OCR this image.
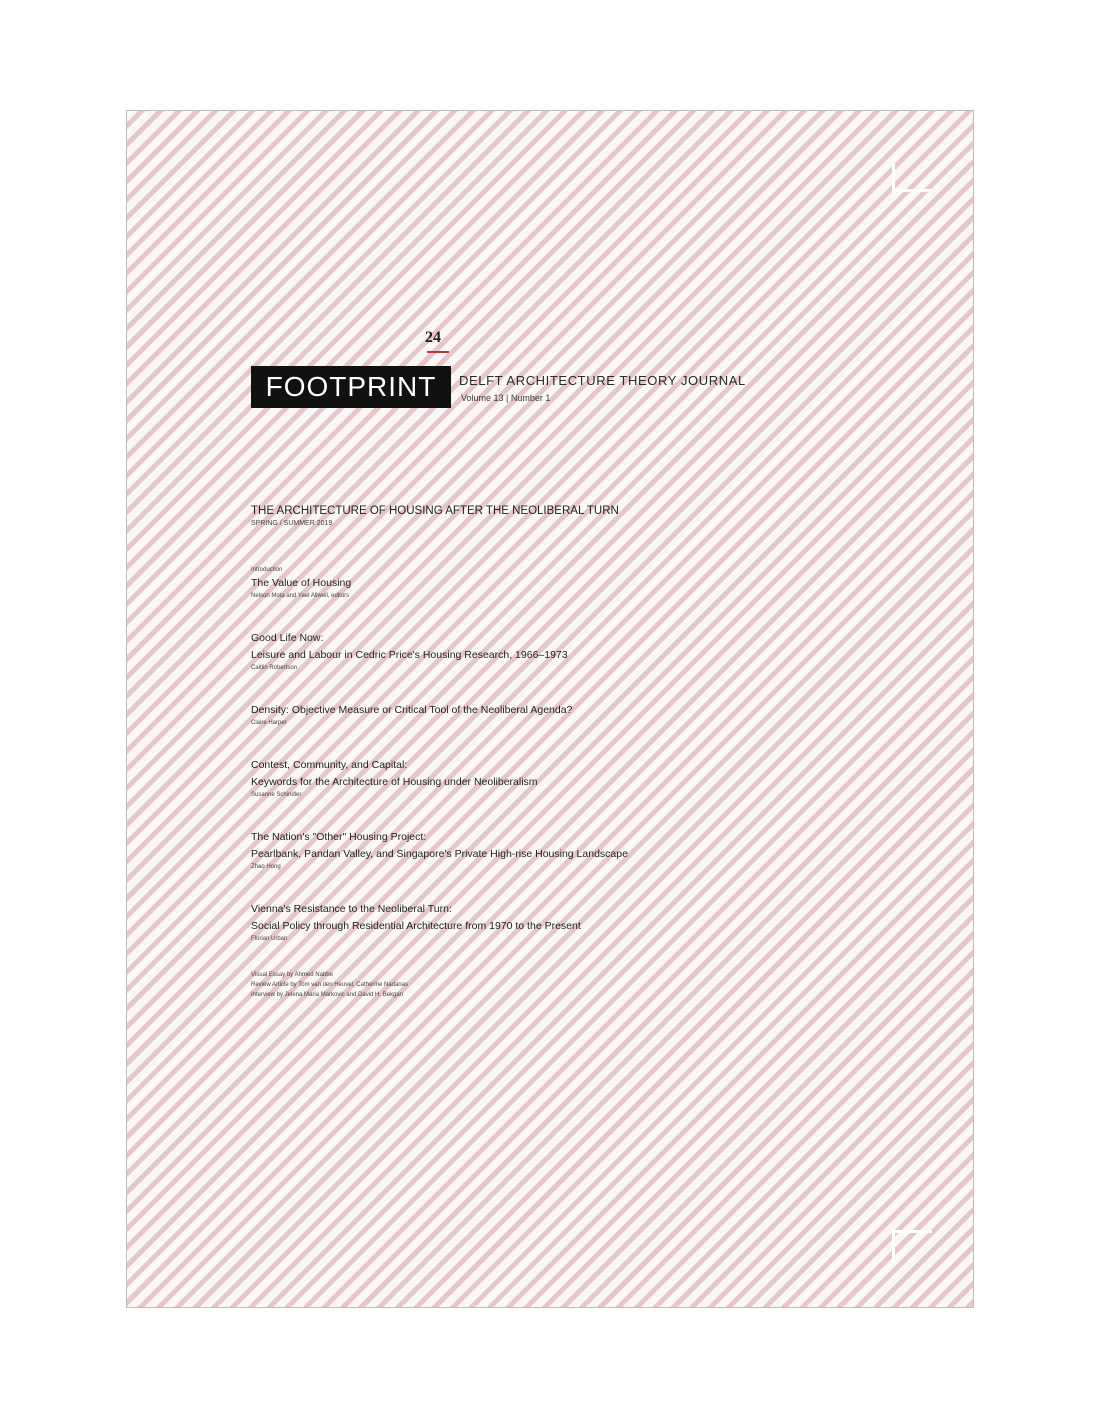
24
FOOTPRINT	DELFT ARCHITECTURE THEORY JOURNAL
Volume 13 | Number 1

THE ARCHITECTURE OF HOUSING AFTER THE NEOLIBERAL TURN

SPRING / SUMMER 2019

Introduction

The Value of Housing

Nelson Mota and Yael Allweil, editors

Good Life Now:

Leisure and Labour in Cedric Price's Housing Research, 1966–1973

Caitlin Robertson

Density: Objective Measure or Critical Tool of the Neoliberal Agenda?

Claire Harper

Contest, Community, and Capital:

Keywords for the Architecture of Housing under Neoliberalism

Susanne Schindler

The Nation's "Other" Housing Project:

Pearlbank, Pandan Valley, and Singapore's Private High-rise Housing Landscape

Zhao Hong

Vienna's Resistance to the Neoliberal Turn:

Social Policy through Residential Architecture from 1970 to the Present

Florian Urban

Visual Essay by Ahmed Nabbe

Review Article by Tom van den Heuvel, Catherine Nadanas

Interview by Jelena Maria Markovic and David H. Bekgan
